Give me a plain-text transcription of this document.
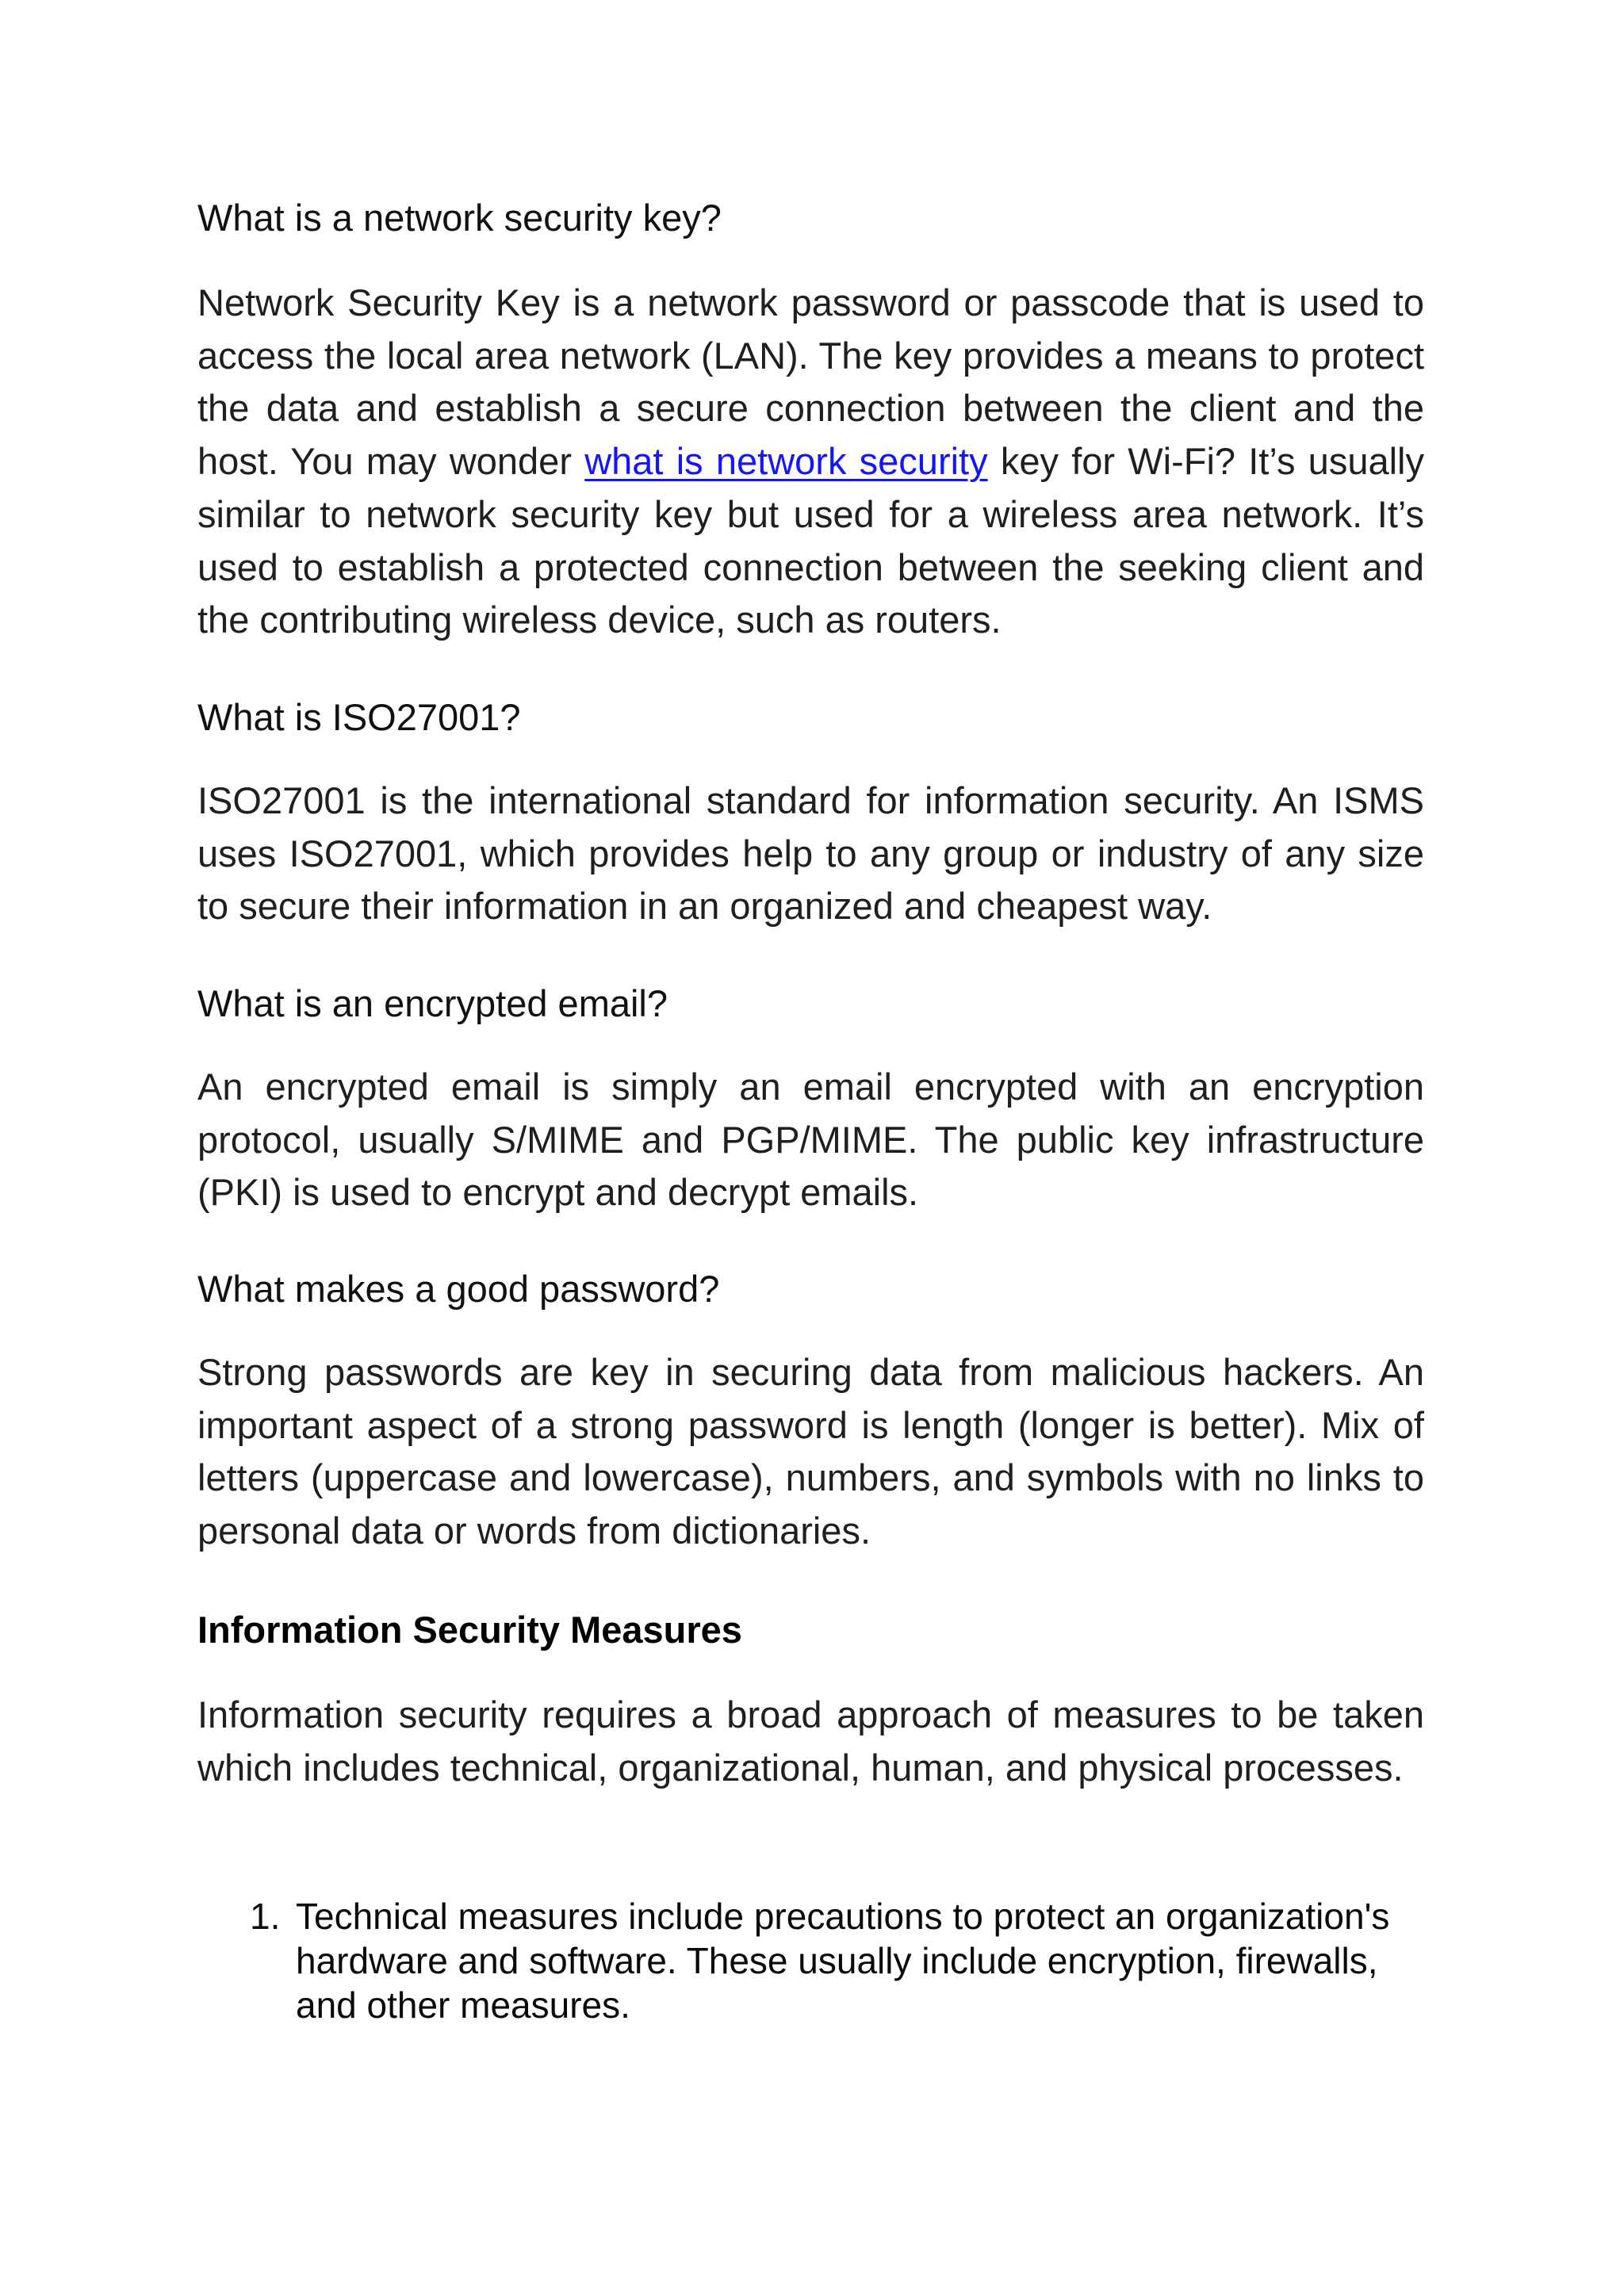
What is a network security key?

Network Security Key is a network password or passcode that is used to access the local area network (LAN). The key provides a means to protect the data and establish a secure connection between the client and the host. You may wonder what is network security key for Wi-Fi? It’s usually similar to network security key but used for a wireless area network. It’s used to establish a protected connection between the seeking client and the contributing wireless device, such as routers.

What is ISO27001?

ISO27001 is the international standard for information security. An ISMS uses ISO27001, which provides help to any group or industry of any size to secure their information in an organized and cheapest way.

What is an encrypted email?

An encrypted email is simply an email encrypted with an encryption protocol, usually S/MIME and PGP/MIME. The public key infrastructure (PKI) is used to encrypt and decrypt emails.

What makes a good password?

Strong passwords are key in securing data from malicious hackers. An important aspect of a strong password is length (longer is better). Mix of letters (uppercase and lowercase), numbers, and symbols with no links to personal data or words from dictionaries.

Information Security Measures

Information security requires a broad approach of measures to be taken which includes technical, organizational, human, and physical processes.

1. Technical measures include precautions to protect an organization's hardware and software. These usually include encryption, firewalls, and other measures.
